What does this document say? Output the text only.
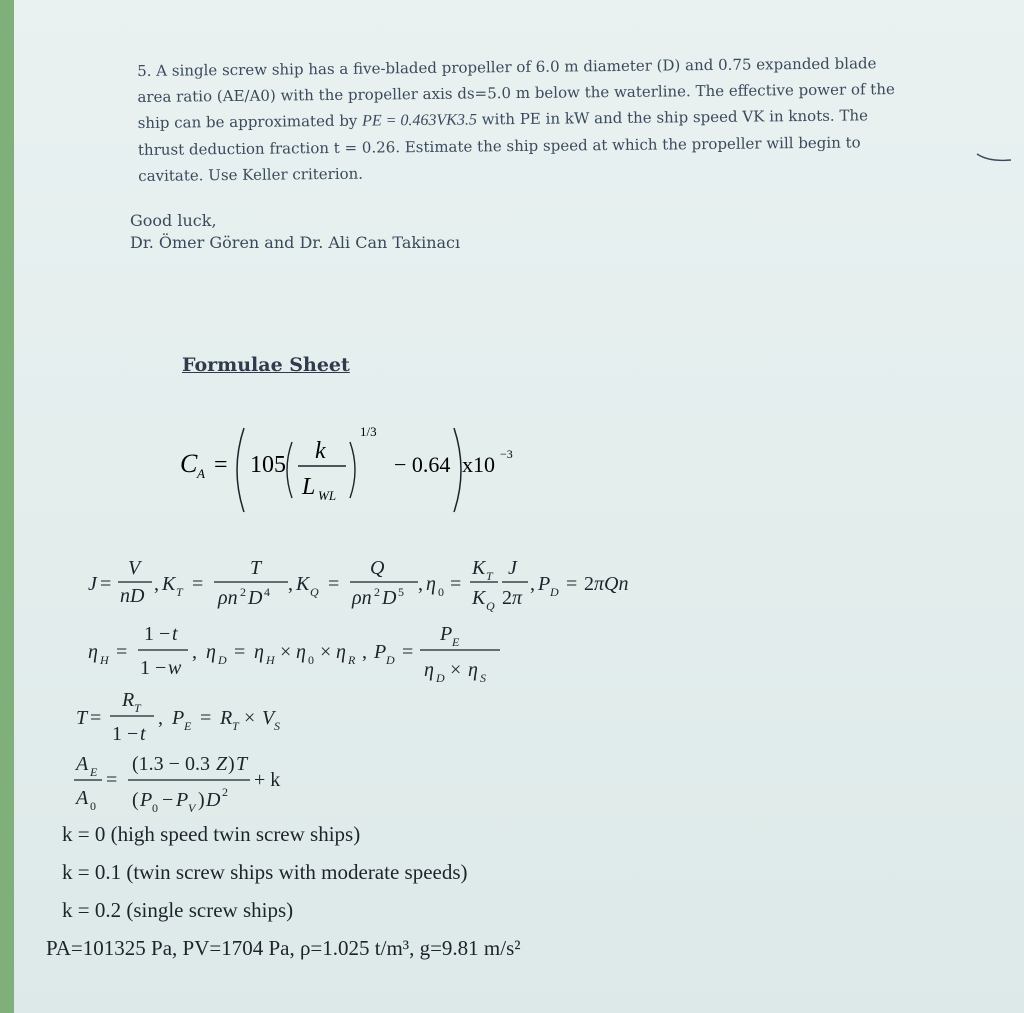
5. A single screw ship has a five-bladed propeller of 6.0 m diameter (D) and 0.75 expanded blade
area ratio (AE/A0) with the propeller axis ds=5.0 m below the waterline. The effective power of the
ship can be approximated by PE = 0.463VK3.5 with PE in kW and the ship speed VK in knots. The
thrust deduction fraction t = 0.26. Estimate the ship speed at which the propeller will begin to
cavitate. Use Keller criterion.
Good luck,
Dr. Ömer Gören and Dr. Ali Can Takinacı
Formulae Sheet
C A = 105
k
L WL
1/3
− 0.64 x10 −3
J =
V
nD
, K T =
T
ρn 2 D 4 , K Q =
Q
ρn 2 D 5 , η 0 =
K T
K Q
J
2 π
, P D = 2 πQn
η H =
1 − t
1 − w
, η D = η H × η 0 × η R , P D =
P E
η D × η S
T =
R T
1 − t
, P E = R T × V S
A E
A 0
=
(1.3 − 0.3 Z ) T
( P 0 − P V ) D 2
+ k
k = 0 (high speed twin screw ships)
k = 0.1 (twin screw ships with moderate speeds)
k = 0.2 (single screw ships)
PA=101325 Pa, PV=1704 Pa, ρ=1.025 t/m³, g=9.81 m/s²
